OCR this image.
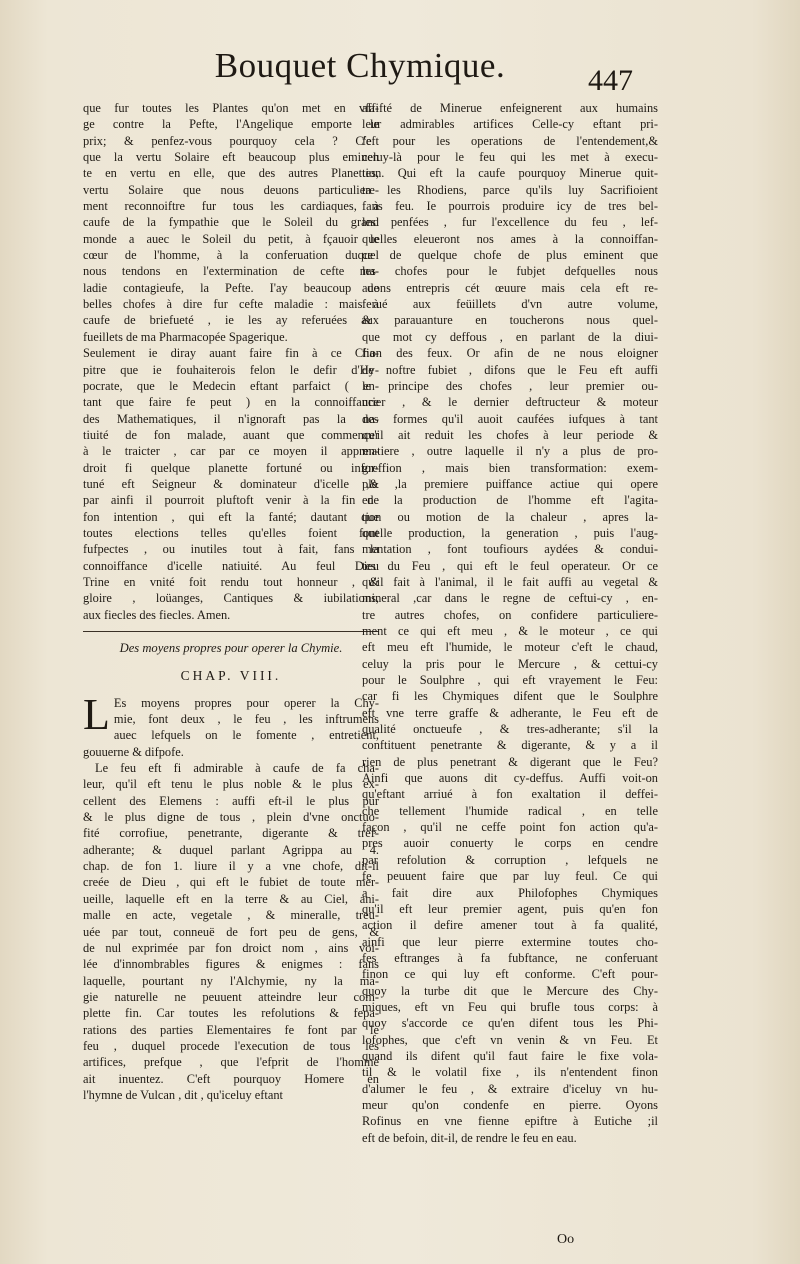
Bouquet Chymique.	447
que fur toutes les Plantes qu'on met en vfa-
ge contre la Pefte, l'Angelique emporte le
prix; & penfez-vous pourquoy cela ? C'eft
que la vertu Solaire eft beaucoup plus eminen
te en vertu en elle, que des autres Planettes,
vertu Solaire que nous deuons particuliere-
ment reconnoiftre fur tous les cardiaques, à
caufe de la fympathie que le Soleil du grand
monde a auec le Soleil du petit, à fçauoir le
cœur de l'homme, à la conferuation duquel
nous tendons en l'extermination de cefte ma-
ladie contagieufe, la Pefte. I'ay beaucoup de
belles chofes à dire fur cefte maladie : mais à
caufe de briefueté , ie les ay referuées aux
fueillets de ma Pharmacopée Spagerique.
Seulement ie diray auant faire fin à ce Cha-
pitre que ie fouhaiterois felon le defir d'Hy-
pocrate, que le Medecin eftant parfaict ( en-
tant que faire fe peut ) en la connoiffance
des Mathematiques, il n'ignoraft pas la na-
tiuité de fon malade, auant que commencer
à le traicter , car par ce moyen il appren-
droit fi quelque planette fortuné ou infor-
tuné eft Seigneur & dominateur d'icelle ,&
par ainfi il pourroit pluftoft venir à la fin de
fon intention , qui eft la fanté; dautant que
toutes elections telles qu'elles foient font
fufpectes , ou inutiles tout à fait, fans la
connoiffance d'icelle natiuité. Au feul Dieu
Trine en vnité foit rendu tout honneur , &
gloire , loüanges, Cantiques & iubilations,
aux fiecles des fiecles. Amen.
Des moyens propres pour operer la Chymie.
CHAP. VIII.
L Es moyens propres pour operer la Chy-
mie, font deux , le feu , les inftrumens
auec lefquels on le fomente , entretient,
gouuerne & difpofe.
Le feu eft fi admirable à caufe de fa cha-
leur, qu'il eft tenu le plus noble & le plus ex-
cellent des Elemens : auffi eft-il le plus pur
& le plus digne de tous , plein d'vne onctuo-
fité corrofiue, penetrante, digerante & tref-
adherante; & duquel parlant Agrippa au 4.
chap. de fon 1. liure il y a vne chofe, dit-il
creée de Dieu , qui eft le fubiet de toute mer-
ueille, laquelle eft en la terre & au Ciel, ani-
malle en acte, vegetale , & mineralle, treu-
uée par tout, conneuë de fort peu de gens, &
de nul exprimée par fon droict nom , ains voi-
lée d'innombrables figures & enigmes : fans
laquelle, pourtant ny l'Alchymie, ny la ma-
gie naturelle ne peuuent atteindre leur com-
plette fin. Car toutes les refolutions & fepa-
rations des parties Elementaires fe font par le
feu , duquel procede l'execution de tous les
artifices, prefque , que l'efprit de l'homme
ait inuentez. C'eft pourquoy Homere en
l'hymne de Vulcan , dit , qu'iceluy eftant
affifté de Minerue enfeignerent aux humains
leur admirables artifices Celle-cy eftant pri-
fe pour les operations de l'entendement,&
celuy-là pour le feu qui les met à execu-
tion. Qui eft la caufe pourquoy Minerue quit-
ta les Rhodiens, parce qu'ils luy Sacrifioient
fans feu. Ie pourrois produire icy de tres bel-
les penfées , fur l'excellence du feu , lef-
quelles eleueront nos ames à la connoiffan-
ce de quelque chofe de plus eminent que
les chofes pour le fubjet defquelles nous
auons entrepris cét œuure mais cela eft re-
ferué aux feüillets d'vn autre volume,
& parauanture en toucherons nous quel-
que mot cy deffous , en parlant de la diui-
fion des feux. Or afin de ne nous eloigner
de noftre fubiet , difons que le Feu eft auffi
le principe des chofes , leur premier ou-
urier , & le dernier deftructeur & moteur
des formes qu'il auoit caufées iufques à tant
qu'il ait reduit les chofes à leur periode &
matiere , outre laquelle il n'y a plus de pro-
greffion , mais bien transformation: exem-
ple ,la premiere puiffance actiue qui opere
en la production de l'homme eft l'agita-
tion ou motion de la chaleur , apres la-
quelle production, la generation , puis l'aug-
mentation , font toufiours aydées & condui-
tes du Feu , qui eft le feul operateur. Or ce
qu'il fait à l'animal, il le fait auffi au vegetal &
mineral ,car dans le regne de ceftui-cy , en-
tre autres chofes, on confidere particuliere-
ment ce qui eft meu , & le moteur , ce qui
eft meu eft l'humide, le moteur c'eft le chaud,
celuy la pris pour le Mercure , & cettui-cy
pour le Soulphre , qui eft vrayement le Feu:
car fi les Chymiques difent que le Soulphre
eft vne terre graffe & adherante, le Feu eft de
qualité onctueufe , & tres-adherante; s'il la
conftituent penetrante & digerante, & y a il
rien de plus penetrant & digerant que le Feu?
Ainfi que auons dit cy-deffus. Auffi voit-on
qu'eftant arriué à fon exaltation il deffei-
che tellement l'humide radical , en telle
façon , qu'il ne ceffe point fon action qu'a-
pres auoir conuerty le corps en cendre
par refolution & corruption , lefquels ne
fe peuuent faire que par luy feul. Ce qui
a fait dire aux Philofophes Chymiques
qu'il eft leur premier agent, puis qu'en fon
action il defire amener tout à fa qualité,
ainfi que leur pierre extermine toutes cho-
fes eftranges à fa fubftance, ne conferuant
finon ce qui luy eft conforme. C'eft pour-
quoy la turbe dit que le Mercure des Chy-
miques, eft vn Feu qui brufle tous corps: à
quoy s'accorde ce qu'en difent tous les Phi-
lofophes, que c'eft vn venin & vn Feu. Et
quand ils difent qu'il faut faire le fixe vola-
til & le volatil fixe , ils n'entendent finon
d'alumer le feu , & extraire d'iceluy vn hu-
meur qu'on condenfe en pierre. Oyons
Rofinus en vne fienne epiftre à Eutiche ;il
eft de befoin, dit-il, de rendre le feu en eau.
Oo
